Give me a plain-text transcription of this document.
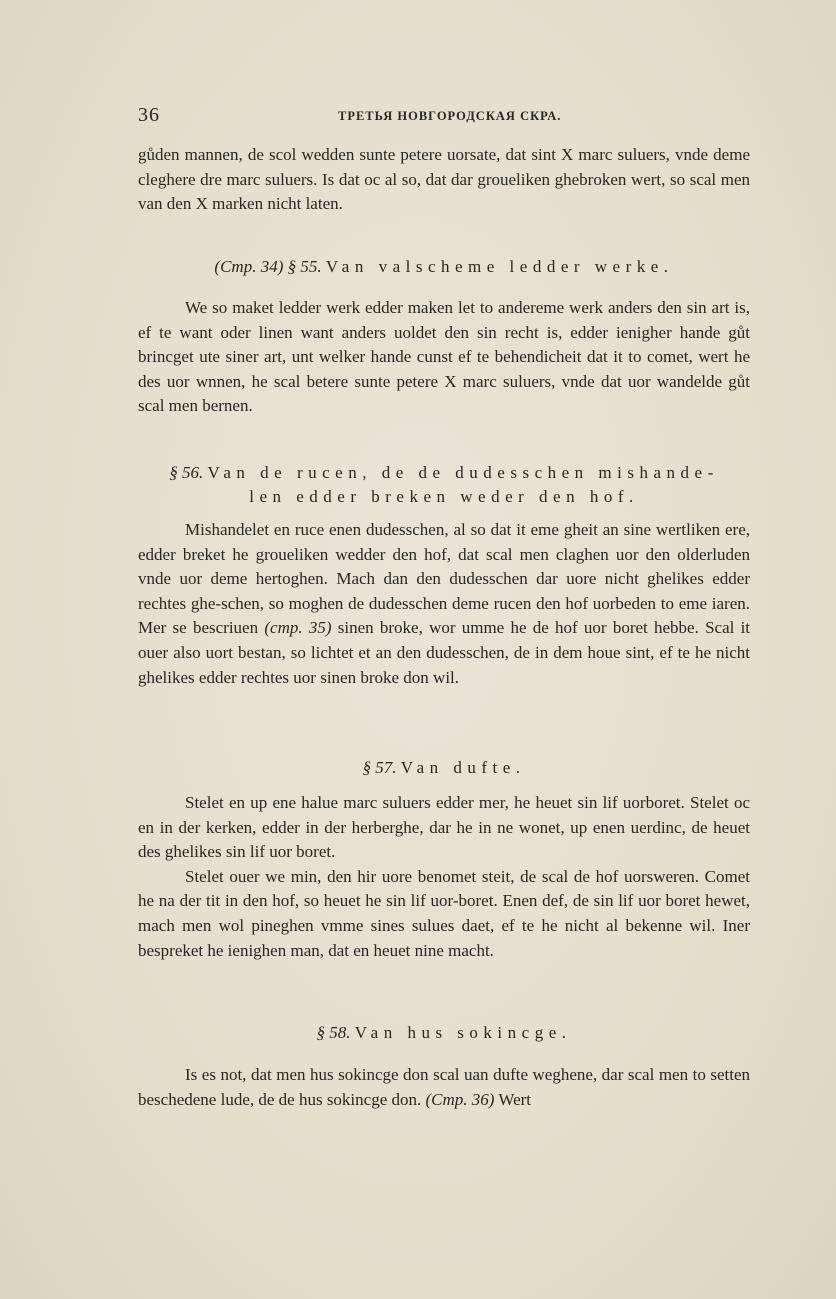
36	ТРЕТЬЯ НОВГОРОДСКАЯ СКРА.

gůden mannen, de scol wedden sunte petere uorsate, dat sint X marc suluers, vnde deme cleghere dre marc suluers. Is dat oc al so, dat dar groueliken ghebroken wert, so scal men van den X marken nicht laten.

(Cmp. 34) § 55. Van valscheme ledder werke.

We so maket ledder werk edder maken let to andereme werk anders den sin art is, ef te want oder linen want anders uoldet den sin recht is, edder ienigher hande gůt brincget ute siner art, unt welker hande cunst ef te behendicheit dat it to comet, wert he des uor wnnen, he scal betere sunte petere X marc suluers, vnde dat uor wandelde gůt scal men bernen.

§ 56. Van de rucen, de de dudesschen mishande-
len edder breken weder den hof.

Mishandelet en ruce enen dudesschen, al so dat it eme gheit an sine wertliken ere, edder breket he groueliken wedder den hof, dat scal men claghen uor den olderluden vnde uor deme hertoghen. Mach dan den dudesschen dar uore nicht ghelikes edder rechtes ghe-schen, so moghen de dudesschen deme rucen den hof uorbeden to eme iaren. Mer se bescriuen (cmp. 35) sinen broke, wor umme he de hof uor boret hebbe. Scal it ouer also uort bestan, so lichtet et an den dudesschen, de in dem houe sint, ef te he nicht ghelikes edder rechtes uor sinen broke don wil.

§ 57. Van dufte.

Stelet en up ene halue marc suluers edder mer, he heuet sin lif uorboret. Stelet oc en in der kerken, edder in der herberghe, dar he in ne wonet, up enen uerdinc, de heuet des ghelikes sin lif uor boret.

Stelet ouer we min, den hir uore benomet steit, de scal de hof uorsweren. Comet he na der tit in den hof, so heuet he sin lif uor-boret. Enen def, de sin lif uor boret hewet, mach men wol pineghen vmme sines sulues daet, ef te he nicht al bekenne wil. Iner bespreket he ienighen man, dat en heuet nine macht.

§ 58. Van hus sokincge.

Is es not, dat men hus sokincge don scal uan dufte weghene, dar scal men to setten beschedene lude, de de hus sokincge don. (Cmp. 36) Wert
